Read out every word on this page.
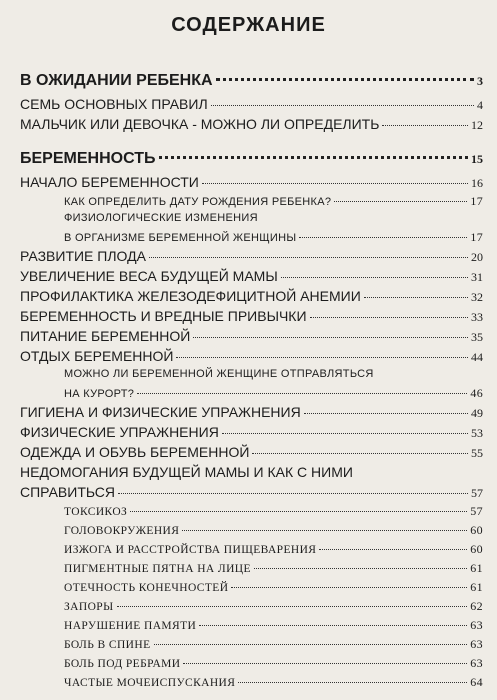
СОДЕРЖАНИЕ
В ОЖИДАНИИ РЕБЕНКА	3
СЕМЬ ОСНОВНЫХ ПРАВИЛ	4
МАЛЬЧИК ИЛИ ДЕВОЧКА - МОЖНО ЛИ ОПРЕДЕЛИТЬ	12
БЕРЕМЕННОСТЬ	15
НАЧАЛО БЕРЕМЕННОСТИ	16
КАК ОПРЕДЕЛИТЬ ДАТУ РОЖДЕНИЯ РЕБЕНКА?	17
ФИЗИОЛОГИЧЕСКИЕ ИЗМЕНЕНИЯ
В ОРГАНИЗМЕ БЕРЕМЕННОЙ ЖЕНЩИНЫ	17
РАЗВИТИЕ ПЛОДА	20
УВЕЛИЧЕНИЕ ВЕСА БУДУЩЕЙ МАМЫ	31
ПРОФИЛАКТИКА ЖЕЛЕЗОДЕФИЦИТНОЙ АНЕМИИ	32
БЕРЕМЕННОСТЬ И ВРЕДНЫЕ ПРИВЫЧКИ	33
ПИТАНИЕ БЕРЕМЕННОЙ	35
ОТДЫХ БЕРЕМЕННОЙ	44
МОЖНО ЛИ БЕРЕМЕННОЙ ЖЕНЩИНЕ ОТПРАВЛЯТЬСЯ
НА КУРОРТ?	46
ГИГИЕНА И ФИЗИЧЕСКИЕ УПРАЖНЕНИЯ	49
ФИЗИЧЕСКИЕ УПРАЖНЕНИЯ	53
ОДЕЖДА И ОБУВЬ БЕРЕМЕННОЙ	55
НЕДОМОГАНИЯ БУДУЩЕЙ МАМЫ И КАК С НИМИ
СПРАВИТЬСЯ	57
ТОКСИКОЗ	57
ГОЛОВОКРУЖЕНИЯ	60
ИЗЖОГА И РАССТРОЙСТВА ПИЩЕВАРЕНИЯ	60
ПИГМЕНТНЫЕ ПЯТНА НА ЛИЦЕ	61
ОТЕЧНОСТЬ КОНЕЧНОСТЕЙ	61
ЗАПОРЫ	62
НАРУШЕНИЕ ПАМЯТИ	63
БОЛЬ В СПИНЕ	63
БОЛЬ ПОД РЕБРАМИ	63
ЧАСТЫЕ МОЧЕИСПУСКАНИЯ	64
